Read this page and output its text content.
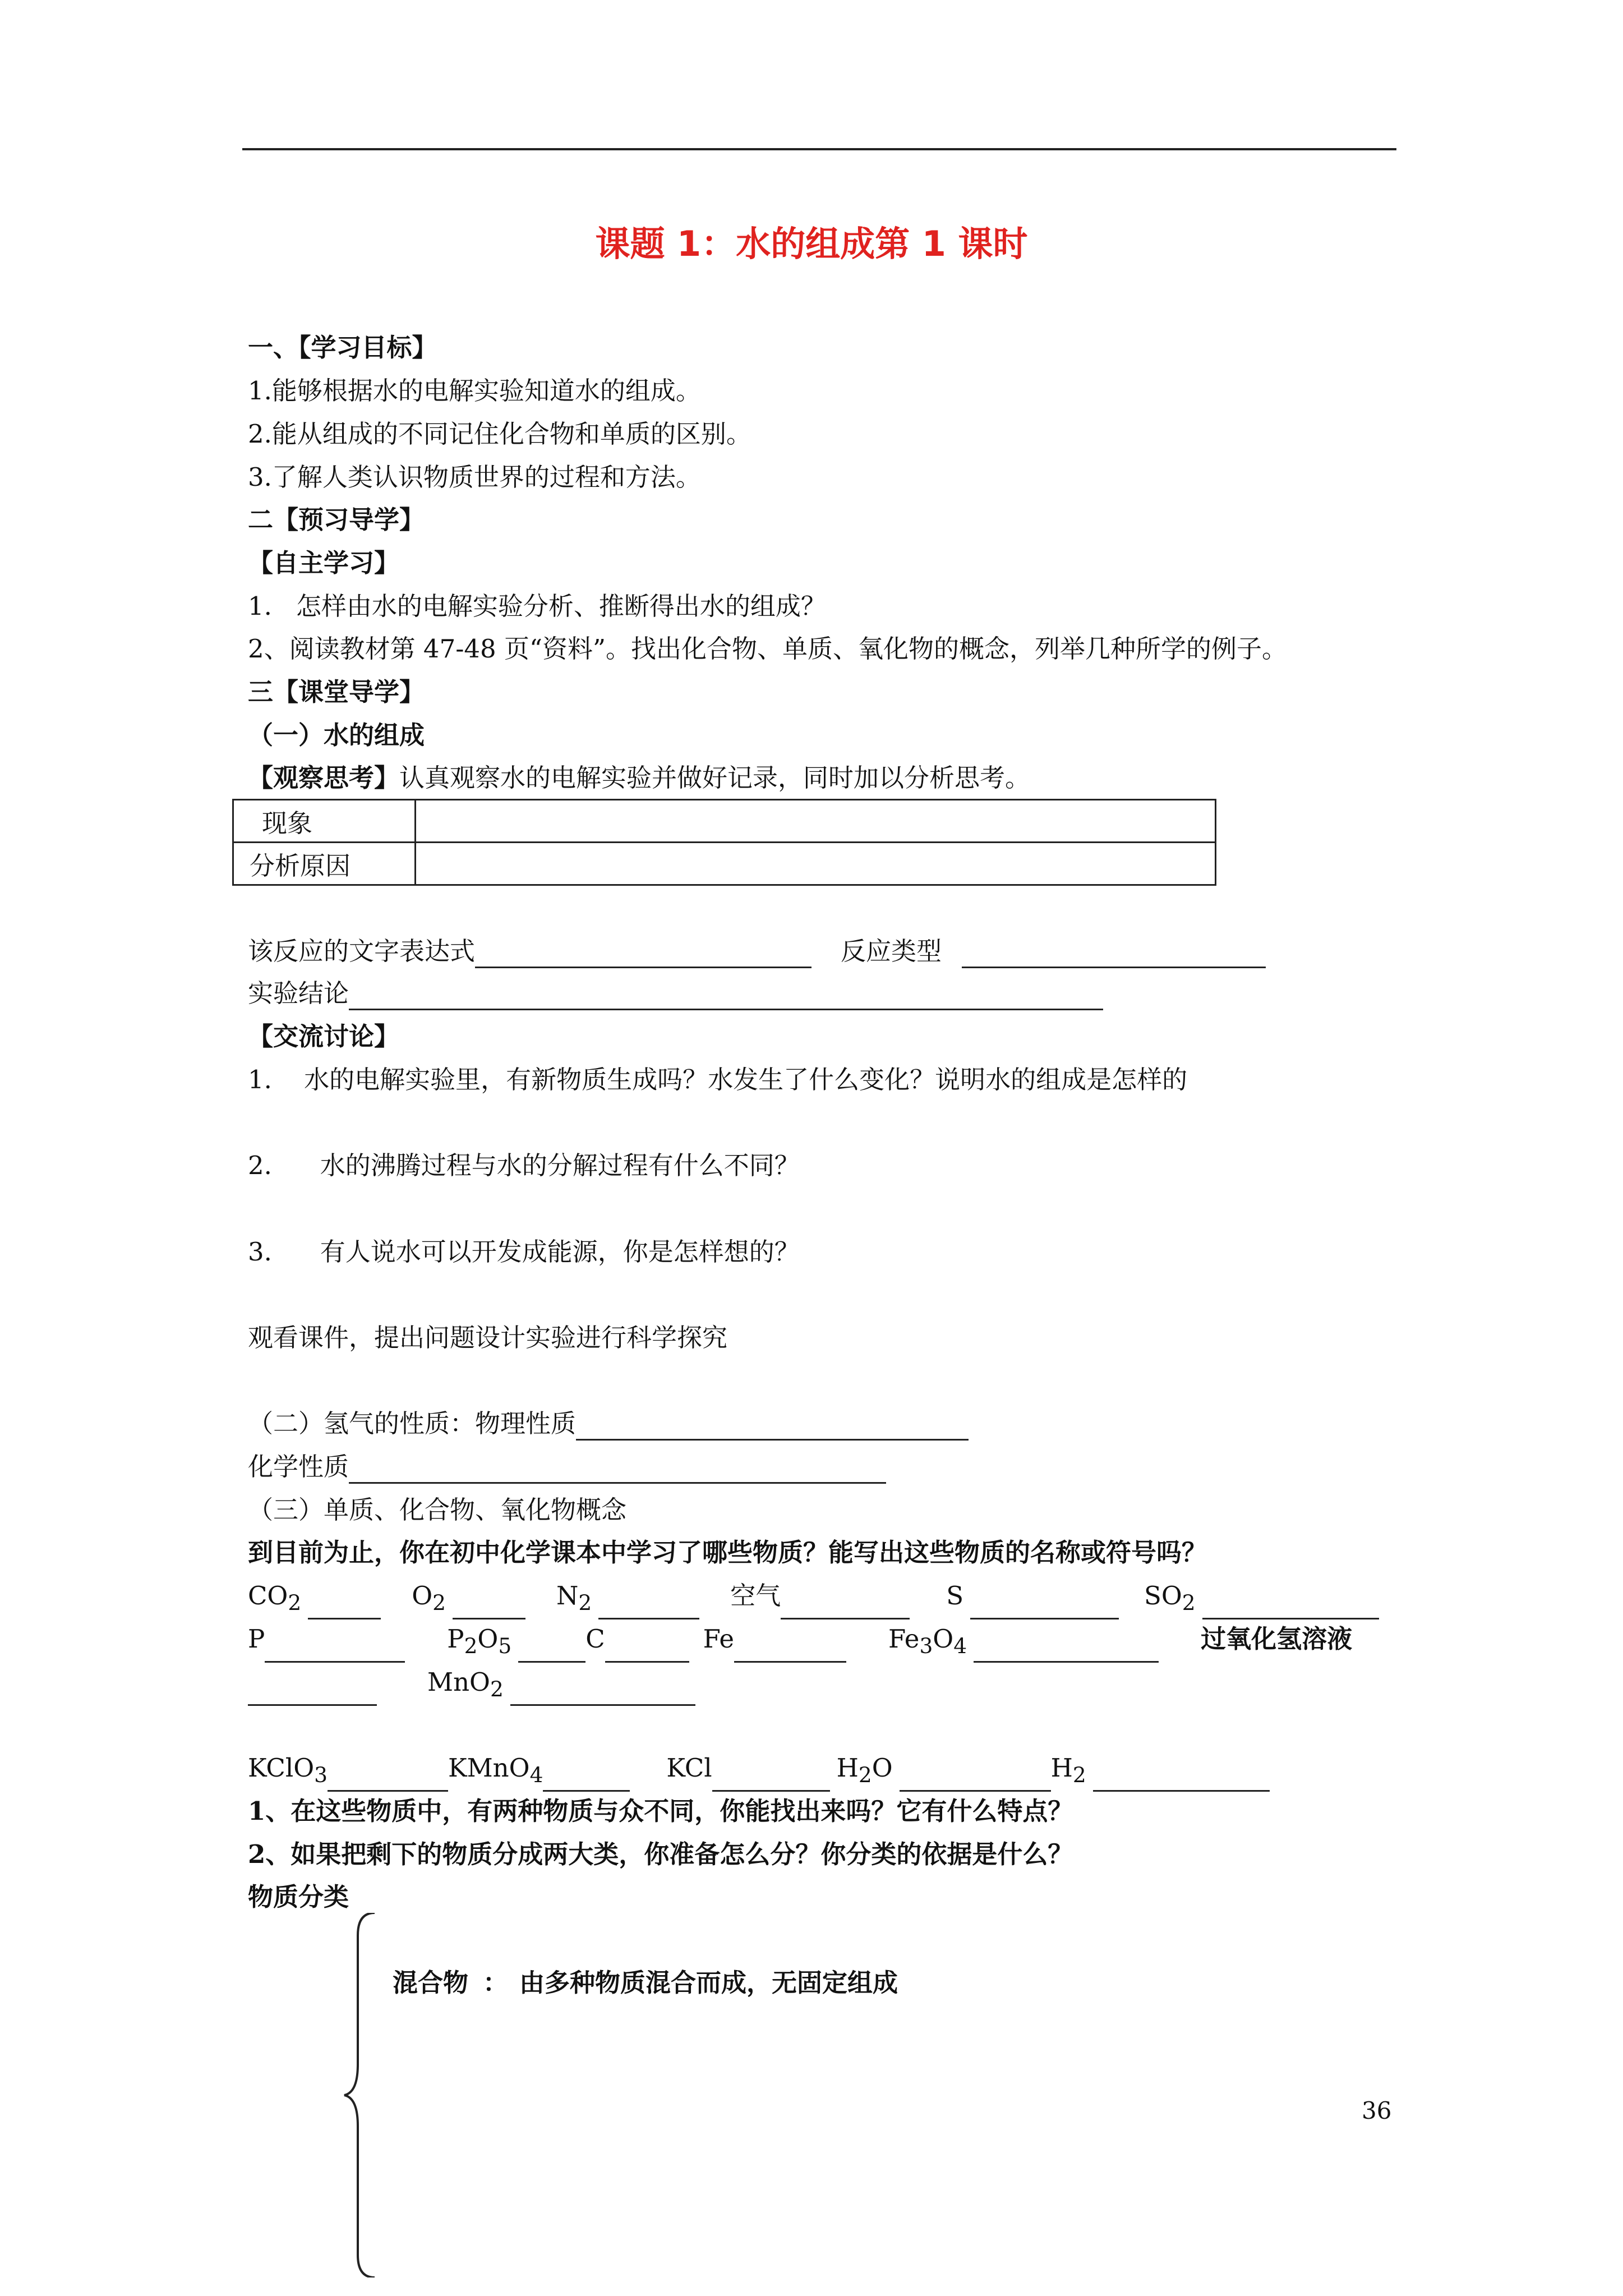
课题 1：水的组成第 1 课时
一、【学习目标】
1.能够根据水的电解实验知道水的组成。
2.能从组成的不同记住化合物和单质的区别。
3.了解人类认识物质世界的过程和方法。
二【预习导学】
【自主学习】
1.   怎样由水的电解实验分析、推断得出水的组成？
2、阅读教材第 47-48 页“资料”。找出化合物、单质、氧化物的概念，列举几种所学的例子。
三【课堂导学】
（一）水的组成
【观察思考】认真观察水的电解实验并做好记录，同时加以分析思考。
现象	
分析原因	
该反应的文字表达式	反应类型
实验结论
【交流讨论】
1.    水的电解实验里，有新物质生成吗？水发生了什么变化？说明水的组成是怎样的
2.      水的沸腾过程与水的分解过程有什么不同？
3.      有人说水可以开发成能源，你是怎样想的？
观看课件，提出问题设计实验进行科学探究
（二）氢气的性质：物理性质
化学性质
（三）单质、化合物、氧化物概念
到目前为止，你在初中化学课本中学习了哪些物质？能写出这些物质的名称或符号吗？
$CO_2$	$O_2$	$N_2$	空气	S	$SO_2$
P	$P_2O_5$	C	Fe	$Fe_3O_4$	过氧化氢溶液
MnO$_2$
KClO$_3$	KMnO$_4$	KCl	$H_2O$	$H_2$
1、在这些物质中，有两种物质与众不同，你能找出来吗？它有什么特点？
2、如果把剩下的物质分成两大类，你准备怎么分？你分类的依据是什么？
物质分类
混合物 ： 由多种物质混合而成，无固定组成
36
